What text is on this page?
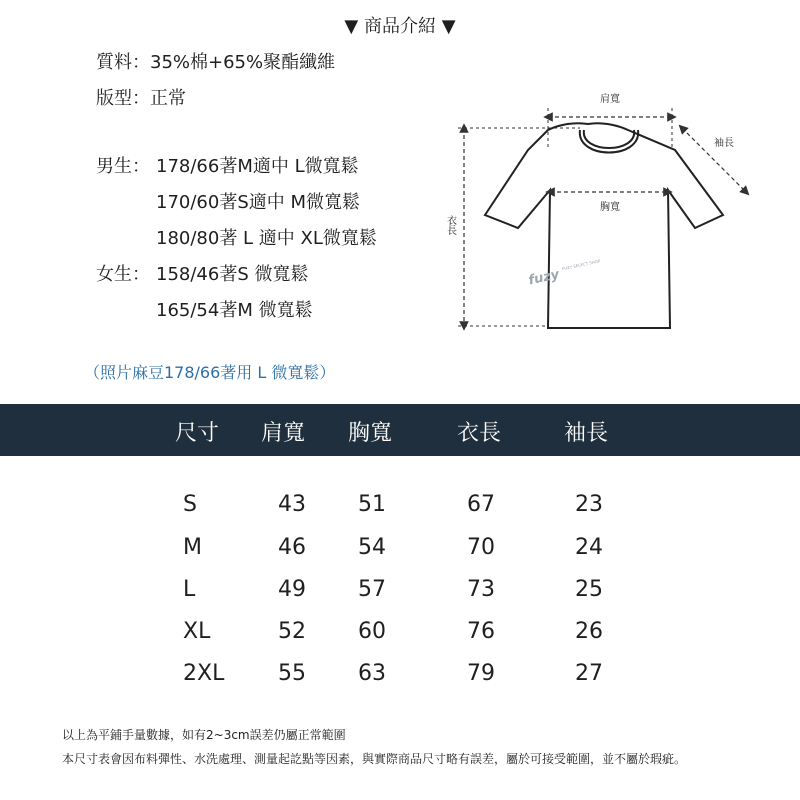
▼ 商品介紹 ▼
質料：35%棉+65%聚酯纖維
版型：正常
男生： 178/66著M適中 L微寬鬆
170/60著S適中 M微寬鬆
180/80著 L 適中 XL微寬鬆
女生： 158/46著S 微寬鬆
165/54著M 微寬鬆
（照片麻豆178/66著用 L 微寬鬆）
肩寬
胸寬
袖長
衣長
fuzy
FUZY SELECT SHOP
尺寸 肩寬 胸寬	衣長	袖長
S	43 51	67	23
M	46 54	70	24
L	49 57	73	25
XL	52 60	76	26
2XL 55 63	79	27
以上為平鋪手量數據，如有2~3cm誤差仍屬正常範圍
本尺寸表會因布料彈性、水洗處理、測量起訖點等因素，與實際商品尺寸略有誤差，屬於可接受範圍，並不屬於瑕疵。
